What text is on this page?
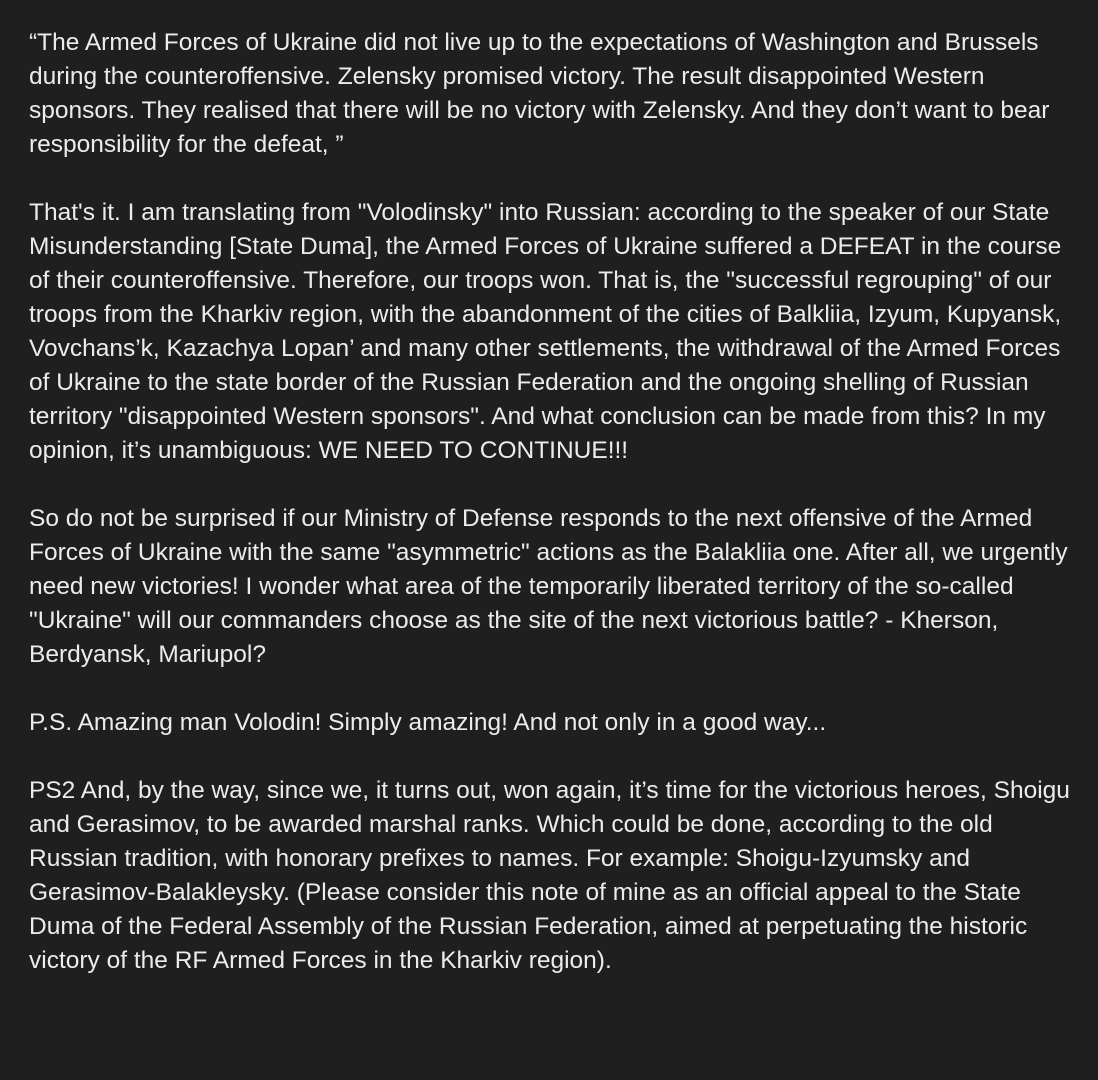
“The Armed Forces of Ukraine did not live up to the expectations of Washington and Brussels during the counteroffensive. Zelensky promised victory. The result disappointed Western sponsors. They realised that there will be no victory with Zelensky. And they don’t want to bear responsibility for the defeat, ”

That's it. I am translating from "Volodinsky" into Russian: according to the speaker of our State Misunderstanding [State Duma], the Armed Forces of Ukraine suffered a DEFEAT in the course of their counteroffensive. Therefore, our troops won. That is, the "successful regrouping" of our troops from the Kharkiv region, with the abandonment of the cities of Balkliia, Izyum, Kupyansk, Vovchans’k, Kazachya Lopan’ and many other settlements, the withdrawal of the Armed Forces of Ukraine to the state border of the Russian Federation and the ongoing shelling of Russian territory "disappointed Western sponsors". And what conclusion can be made from this? In my opinion, it’s unambiguous: WE NEED TO CONTINUE!!!

So do not be surprised if our Ministry of Defense responds to the next offensive of the Armed Forces of Ukraine with the same "asymmetric" actions as the Balakliia one. After all, we urgently need new victories! I wonder what area of the temporarily liberated territory of the so-called "Ukraine" will our commanders choose as the site of the next victorious battle? - Kherson, Berdyansk, Mariupol?

P.S. Amazing man Volodin! Simply amazing! And not only in a good way...

PS2 And, by the way, since we, it turns out, won again, it’s time for the victorious heroes, Shoigu and Gerasimov, to be awarded marshal ranks. Which could be done, according to the old Russian tradition, with honorary prefixes to names. For example: Shoigu-Izyumsky and Gerasimov-Balakleysky. (Please consider this note of mine as an official appeal to the State Duma of the Federal Assembly of the Russian Federation, aimed at perpetuating the historic victory of the RF Armed Forces in the Kharkiv region).
